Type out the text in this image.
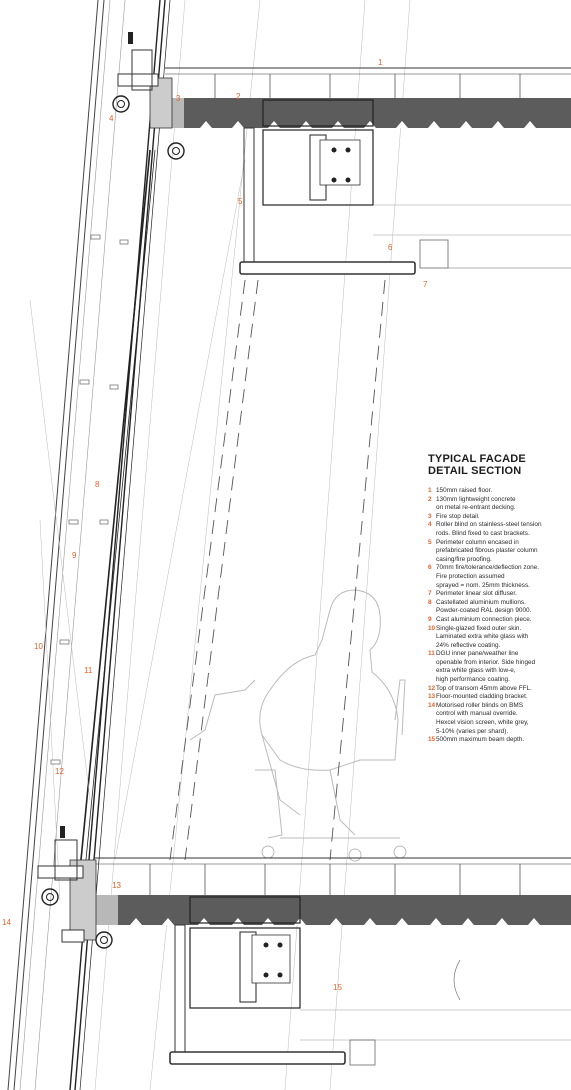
1
2
3
4
5
6
7
8
9
10
11
12
13
14
15
TYPICAL FACADE
DETAIL SECTION
1 150mm raised floor.
2 130mm lightweight concrete
on metal re-entrant decking.
3 Fire stop detail.
4 Roller blind on stainless-steel tension
rods. Blind fixed to cast brackets.
5 Perimeter column encased in
prefabricated fibrous plaster column
casing/fire proofing.
6 70mm fire/tolerance/deflection zone.
Fire protection assumed
sprayed = nom. 25mm thickness.
7 Perimeter linear slot diffuser.
8 Castellated aluminium mullions.
Powder-coated RAL design 9000.
9 Cast aluminium connection piece.
10 Single-glazed fixed outer skin.
Laminated extra white glass with
24% reflective coating.
11 DGU inner pane/weather line
openable from interior. Side hinged
extra white glass with low-e,
high performance coating.
12 Top of transom 45mm above FFL.
13 Floor-mounted cladding bracket.
14 Motorised roller blinds on BMS
control with manual override.
Hexcel vision screen, white grey,
5-10% (varies per shard).
15 500mm maximum beam depth.
